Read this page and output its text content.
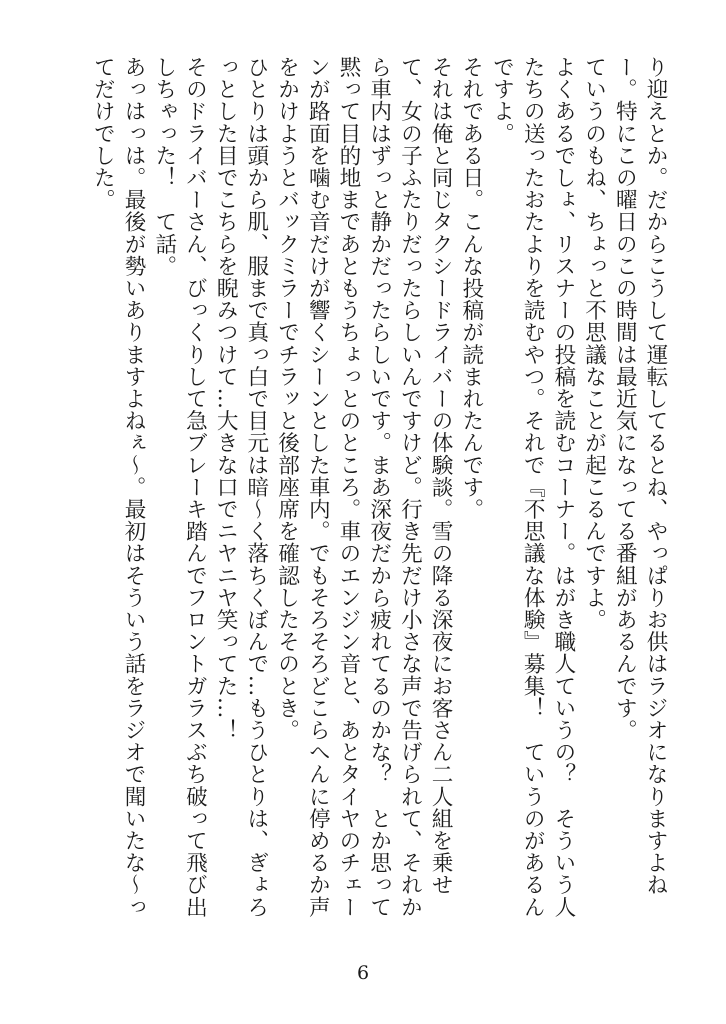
り迎えとか。だからこうして運転してるとね、やっぱりお供はラジオになりますよねー。特にこの曜日のこの時間は最近気になってる番組があるんです。

ていうのもね、ちょっと不思議なことが起こるんですよ。

よくあるでしょ、リスナーの投稿を読むコーナー。はがき職人ていうの？　そういう人たちの送ったおたよりを読むやつ。それで『不思議な体験』募集！　ていうのがあるんですよ。

それである日。こんな投稿が読まれたんです。

それは俺と同じタクシードライバーの体験談。雪の降る深夜にお客さん二人組を乗せて、女の子ふたりだったらしいんですけど。行き先だけ小さな声で告げられて、それから車内はずっと静かだったらしいです。まあ深夜だから疲れてるのかな？　とか思って黙って目的地まであともうちょっとのところ。車のエンジン音と、あとタイヤのチェーンが路面を噛む音だけが響くシーンとした車内。でもそろそろどこらへんに停めるか声をかけようとバックミラーでチラッと後部座席を確認したそのとき。

ひとりは頭から肌、服まで真っ白で目元は暗〜く落ちくぼんで…もうひとりは、ぎょろっとした目でこちらを睨みつけて…大きな口でニヤニヤ笑ってた…！

そのドライバーさん、びっくりして急ブレーキ踏んでフロントガラスぶち破って飛び出しちゃった！　て話。

あっはっは。最後が勢いありますよねぇ〜。最初はそういう話をラジオで聞いたな〜ってだけでした。

6
